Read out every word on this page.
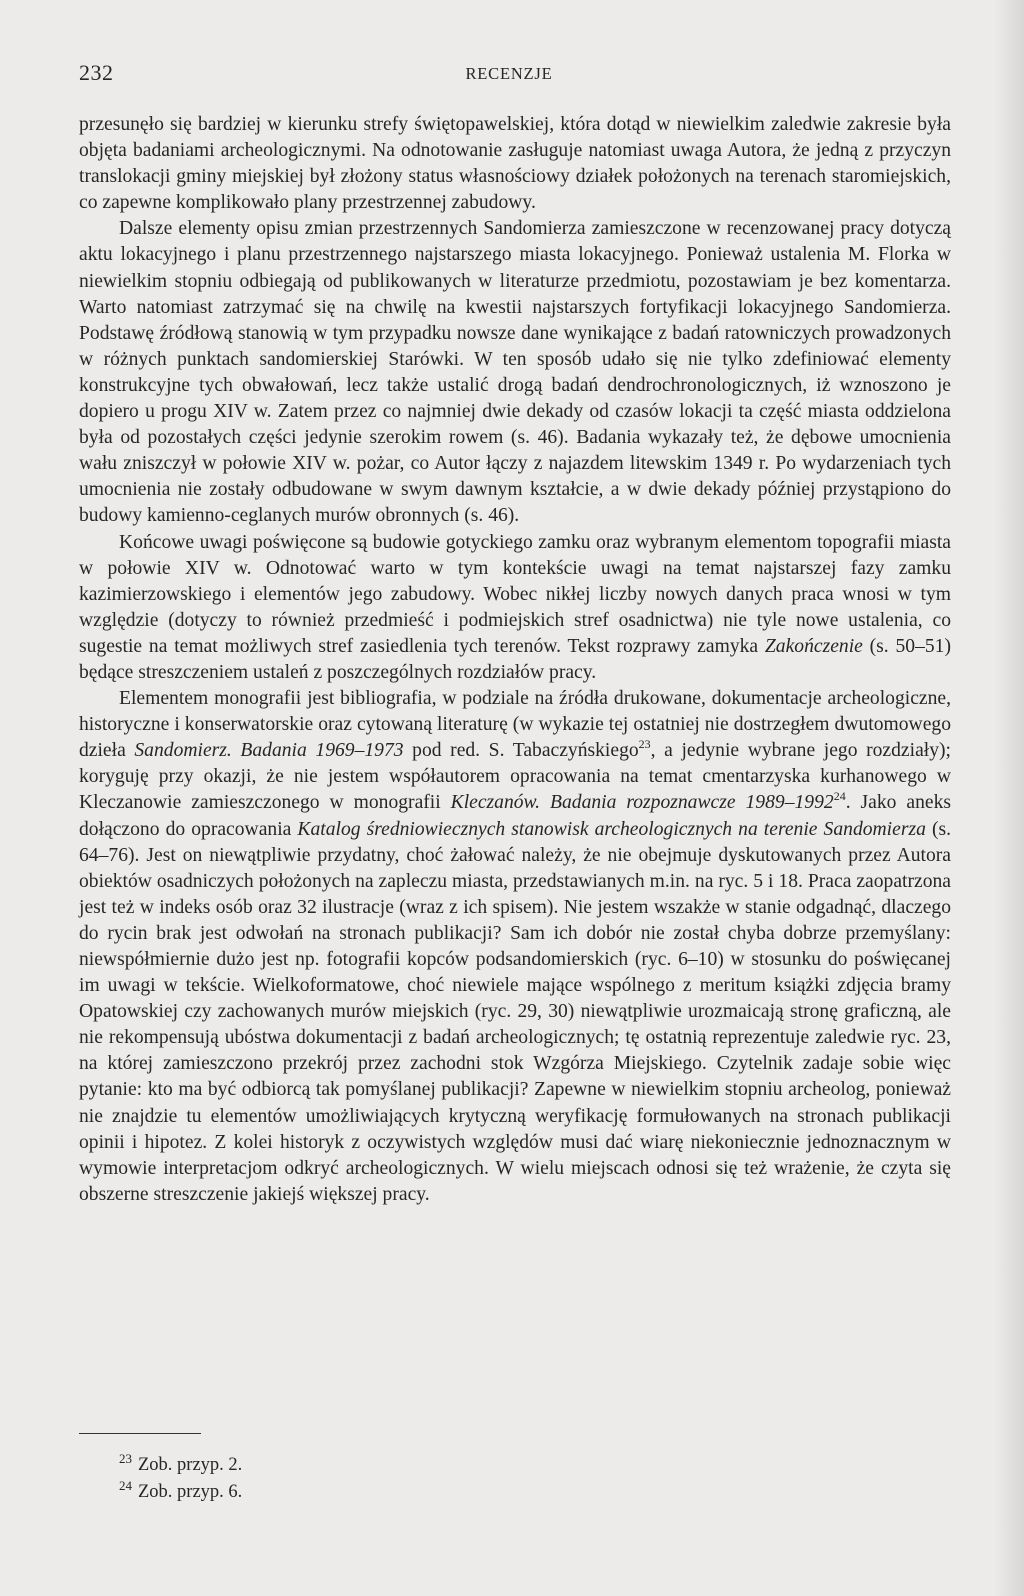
232	RECENZJE

przesunęło się bardziej w kierunku strefy świętopawelskiej, która dotąd w niewielkim zaledwie zakresie była objęta badaniami archeologicznymi. Na odnotowanie zasługuje natomiast uwaga Autora, że jedną z przyczyn translokacji gminy miejskiej był złożony status własnościowy działek położonych na terenach staromiejskich, co zapewne komplikowało plany przestrzennej zabudowy.

Dalsze elementy opisu zmian przestrzennych Sandomierza zamieszczone w recenzowanej pracy dotyczą aktu lokacyjnego i planu przestrzennego najstarszego miasta lokacyjnego. Ponieważ ustalenia M. Florka w niewielkim stopniu odbiegają od publikowanych w literaturze przedmiotu, pozostawiam je bez komentarza. Warto natomiast zatrzymać się na chwilę na kwestii najstarszych fortyfikacji lokacyjnego Sandomierza. Podstawę źródłową stanowią w tym przypadku nowsze dane wynikające z badań ratowniczych prowadzonych w różnych punktach sandomierskiej Starówki. W ten sposób udało się nie tylko zdefiniować elementy konstrukcyjne tych obwałowań, lecz także ustalić drogą badań dendrochronologicznych, iż wznoszono je dopiero u progu XIV w. Zatem przez co najmniej dwie dekady od czasów lokacji ta część miasta oddzielona była od pozostałych części jedynie szerokim rowem (s. 46). Badania wykazały też, że dębowe umocnienia wału zniszczył w połowie XIV w. pożar, co Autor łączy z najazdem litewskim 1349 r. Po wydarzeniach tych umocnienia nie zostały odbudowane w swym dawnym kształcie, a w dwie dekady później przystąpiono do budowy kamienno-ceglanych murów obronnych (s. 46).

Końcowe uwagi poświęcone są budowie gotyckiego zamku oraz wybranym elementom topografii miasta w połowie XIV w. Odnotować warto w tym kontekście uwagi na temat najstarszej fazy zamku kazimierzowskiego i elementów jego zabudowy. Wobec nikłej liczby nowych danych praca wnosi w tym względzie (dotyczy to również przedmieść i podmiejskich stref osadnictwa) nie tyle nowe ustalenia, co sugestie na temat możliwych stref zasiedlenia tych terenów. Tekst rozprawy zamyka Zakończenie (s. 50–51) będące streszczeniem ustaleń z poszczególnych rozdziałów pracy.

Elementem monografii jest bibliografia, w podziale na źródła drukowane, dokumentacje archeologiczne, historyczne i konserwatorskie oraz cytowaną literaturę (w wykazie tej ostatniej nie dostrzegłem dwutomowego dzieła Sandomierz. Badania 1969–1973 pod red. S. Tabaczyńskiego$^{23}$, a jedynie wybrane jego rozdziały); koryguję przy okazji, że nie jestem współautorem opracowania na temat cmentarzyska kurhanowego w Kleczanowie zamieszczonego w monografii Kleczanów. Badania rozpoznawcze 1989–1992$^{24}$. Jako aneks dołączono do opracowania Katalog średniowiecznych stanowisk archeologicznych na terenie Sandomierza (s. 64–76). Jest on niewątpliwie przydatny, choć żałować należy, że nie obejmuje dyskutowanych przez Autora obiektów osadniczych położonych na zapleczu miasta, przedstawianych m.in. na ryc. 5 i 18. Praca zaopatrzona jest też w indeks osób oraz 32 ilustracje (wraz z ich spisem). Nie jestem wszakże w stanie odgadnąć, dlaczego do rycin brak jest odwołań na stronach publikacji? Sam ich dobór nie został chyba dobrze przemyślany: niewspółmiernie dużo jest np. fotografii kopców podsandomierskich (ryc. 6–10) w stosunku do poświęcanej im uwagi w tekście. Wielkoformatowe, choć niewiele mające wspólnego z meritum książki zdjęcia bramy Opatowskiej czy zachowanych murów miejskich (ryc. 29, 30) niewątpliwie urozmaicają stronę graficzną, ale nie rekompensują ubóstwa dokumentacji z badań archeologicznych; tę ostatnią reprezentuje zaledwie ryc. 23, na której zamieszczono przekrój przez zachodni stok Wzgórza Miejskiego. Czytelnik zadaje sobie więc pytanie: kto ma być odbiorcą tak pomyślanej publikacji? Zapewne w niewielkim stopniu archeolog, ponieważ nie znajdzie tu elementów umożliwiających krytyczną weryfikację formułowanych na stronach publikacji opinii i hipotez. Z kolei historyk z oczywistych względów musi dać wiarę niekoniecznie jednoznacznym w wymowie interpretacjom odkryć archeologicznych. W wielu miejscach odnosi się też wrażenie, że czyta się obszerne streszczenie jakiejś większej pracy.

$^{23}$ Zob. przyp. 2.

$^{24}$ Zob. przyp. 6.
